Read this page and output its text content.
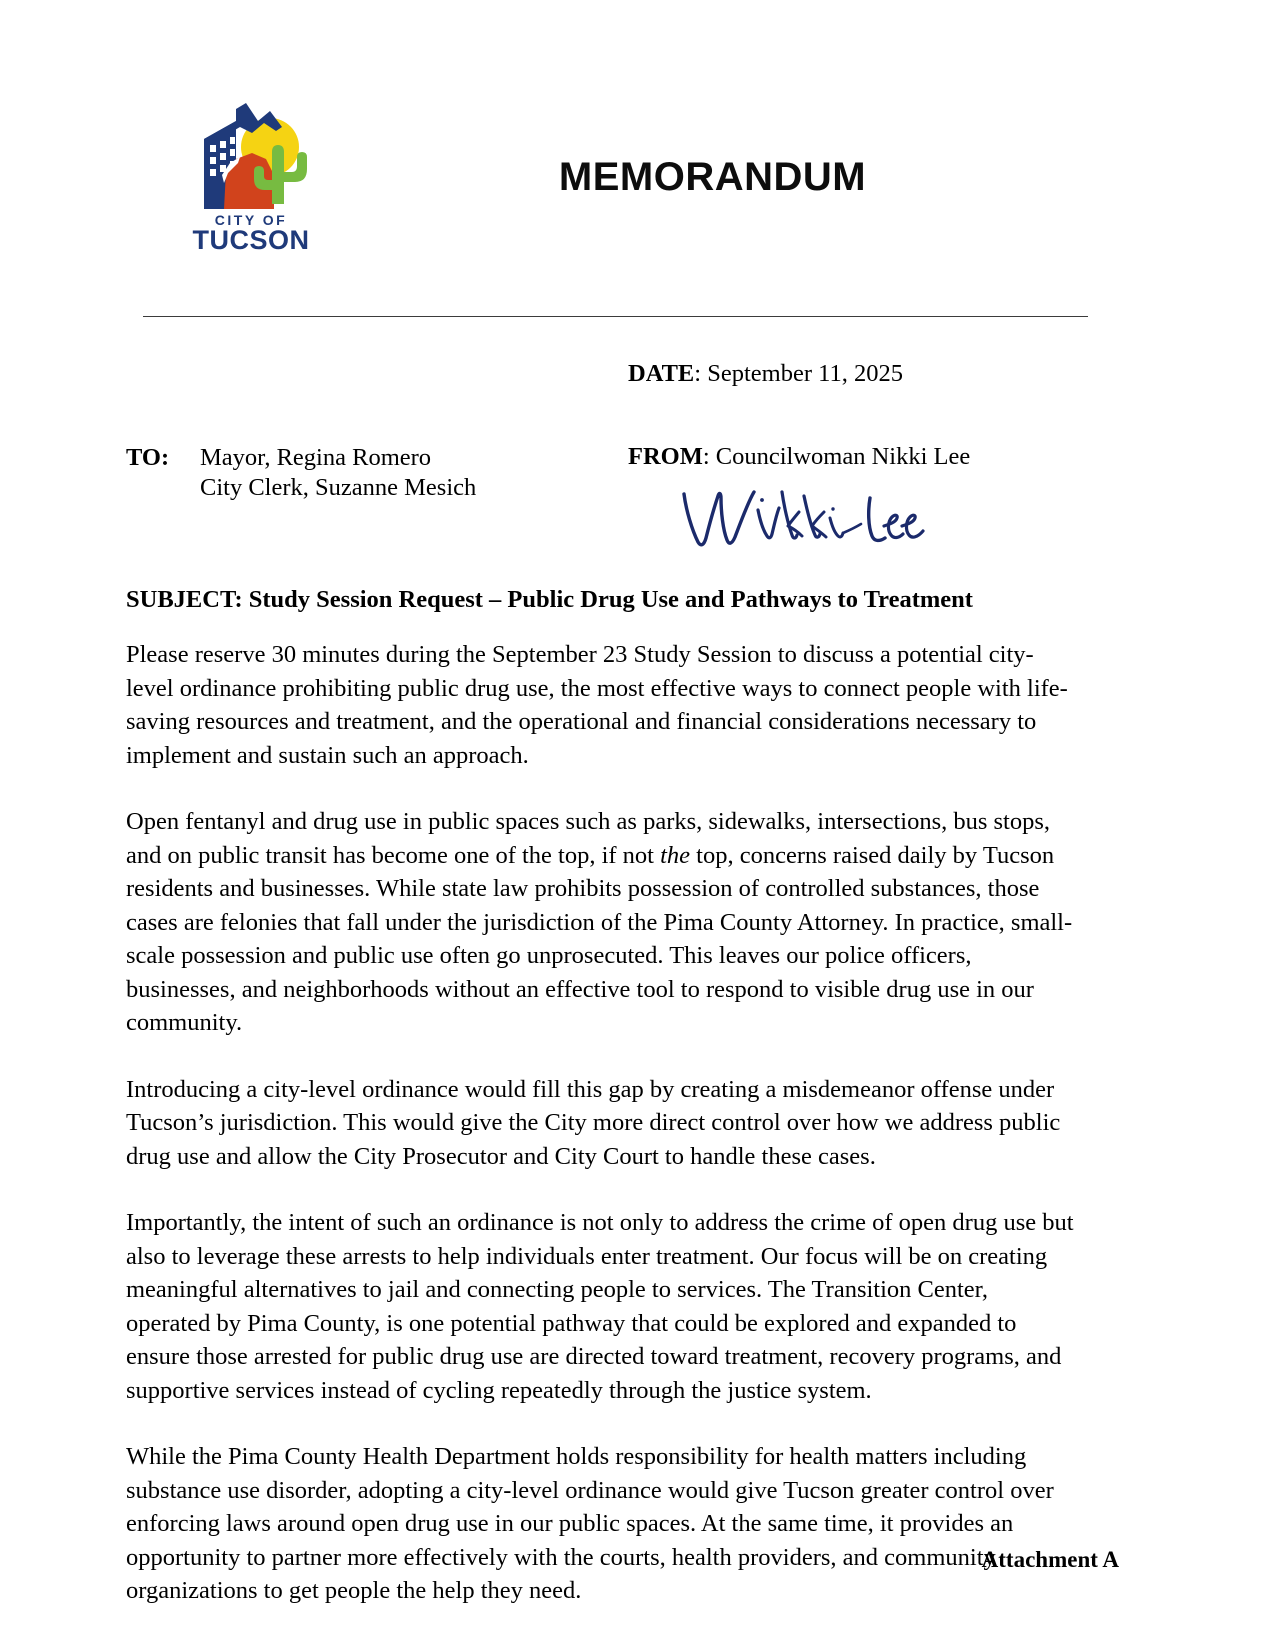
CITY OF
TUCSON
MEMORANDUM
DATE: September 11, 2025
TO:	Mayor, Regina Romero
City Clerk, Suzanne Mesich
FROM: Councilwoman Nikki Lee
SUBJECT: Study Session Request – Public Drug Use and Pathways to Treatment

Please reserve 30 minutes during the September 23 Study Session to discuss a potential city-level ordinance prohibiting public drug use, the most effective ways to connect people with life-saving resources and treatment, and the operational and financial considerations necessary to implement and sustain such an approach.

Open fentanyl and drug use in public spaces such as parks, sidewalks, intersections, bus stops, and on public transit has become one of the top, if not the top, concerns raised daily by Tucson residents and businesses. While state law prohibits possession of controlled substances, those cases are felonies that fall under the jurisdiction of the Pima County Attorney. In practice, small-scale possession and public use often go unprosecuted. This leaves our police officers, businesses, and neighborhoods without an effective tool to respond to visible drug use in our community.

Introducing a city-level ordinance would fill this gap by creating a misdemeanor offense under Tucson’s jurisdiction. This would give the City more direct control over how we address public drug use and allow the City Prosecutor and City Court to handle these cases.

Importantly, the intent of such an ordinance is not only to address the crime of open drug use but also to leverage these arrests to help individuals enter treatment. Our focus will be on creating meaningful alternatives to jail and connecting people to services. The Transition Center, operated by Pima County, is one potential pathway that could be explored and expanded to ensure those arrested for public drug use are directed toward treatment, recovery programs, and supportive services instead of cycling repeatedly through the justice system.

While the Pima County Health Department holds responsibility for health matters including substance use disorder, adopting a city-level ordinance would give Tucson greater control over enforcing laws around open drug use in our public spaces. At the same time, it provides an opportunity to partner more effectively with the courts, health providers, and community organizations to get people the help they need.

Attachment A
